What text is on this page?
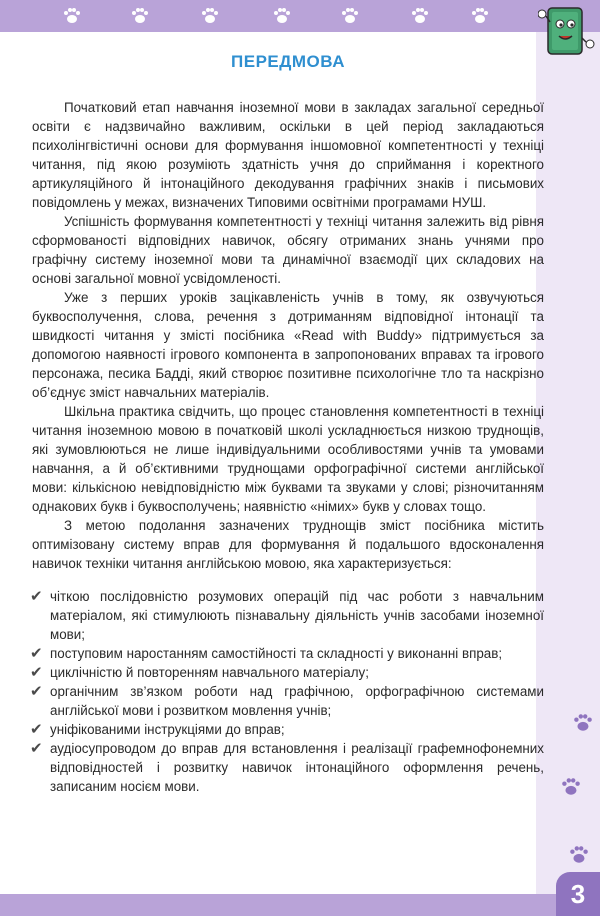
3
ПЕРЕДМОВА

Початковий етап навчання іноземної мови в закладах загальної середньої освіти є надзвичайно важливим, оскільки в цей період закладаються психолінгвістичні основи для формування іншомовної компетентності у техніці читання, під якою розуміють здатність учня до сприймання і коректного артикуляційного й інтонаційного декодування графічних знаків і письмових повідомлень у межах, визначених Типовими освітніми програмами НУШ.

Успішність формування компетентності у техніці читання залежить від рівня сформованості відповідних навичок, обсягу отриманих знань учнями про графічну систему іноземної мови та динамічної взаємодії цих складових на основі загальної мовної усвідомленості.

Уже з перших уроків зацікавленість учнів в тому, як озвучуються буквосполучення, слова, речення з дотриманням відповідної інтонації та швидкості читання у змісті посібника «Read with Buddy» підтримується за допомогою наявності ігрового компонента в запропонованих вправах та ігрового персонажа, песика Бадді, який створює позитивне психологічне тло та наскрізно об’єднує зміст навчальних матеріалів.

Шкільна практика свідчить, що процес становлення компетентності в техніці читання іноземною мовою в початковій школі ускладнюється низкою труднощів, які зумовлюються не лише індивідуальними особливостями учнів та умовами навчання, а й об’єктивними труднощами орфографічної системи англійської мови: кількісною невідповідністю між буквами та звуками у слові; різночитанням однакових букв і буквосполучень; наявністю «німих» букв у словах тощо.

З метою подолання зазначених труднощів зміст посібника містить оптимізовану систему вправ для формування й подальшого вдосконалення навичок техніки читання англійською мовою, яка характеризується:

✔ чіткою послідовністю розумових операцій під час роботи з навчальним матеріалом, які стимулюють пізнавальну діяльність учнів засобами іноземної мови;
✔ поступовим наростанням самостійності та складності у виконанні вправ;
✔ циклічністю й повторенням навчального матеріалу;
✔ органічним зв’язком роботи над графічною, орфографічною системами англійської мови і розвитком мовлення учнів;
✔ уніфікованими інструкціями до вправ;
✔ аудіосупроводом до вправ для встановлення і реалізації графемнофонемних відповідностей і розвитку навичок інтонаційного оформлення речень, записаним носієм мови.
